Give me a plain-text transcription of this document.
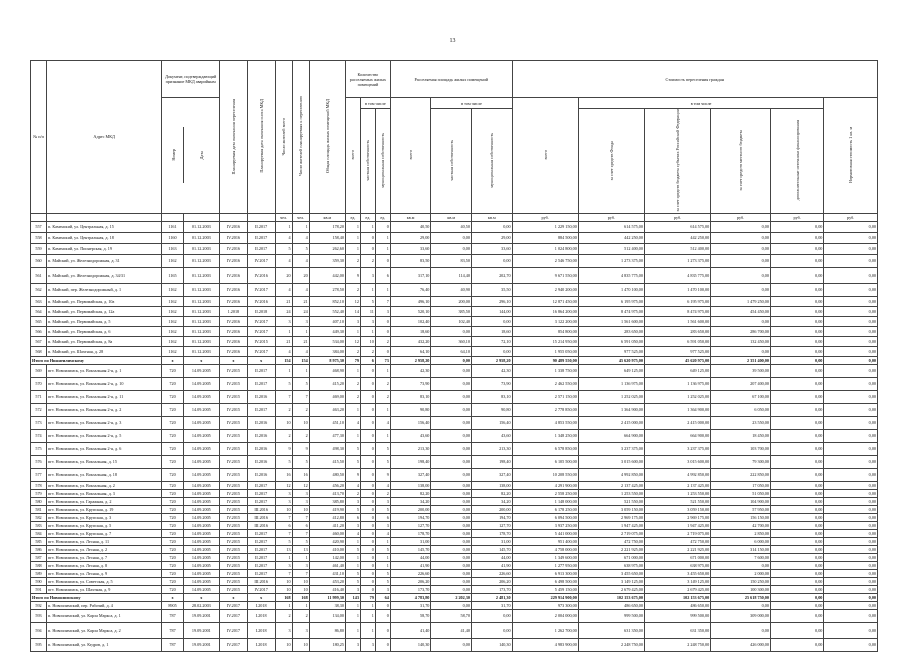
13
№ п/п	Адрес МКД	Документ, подтверждающий признание МКД аварийным		Планируемая дата окончания переселения	Планируемая дата окончания сноса МКД	Число жителей всего	Число жителей планируемых к переселению	Общая площадь жилых помещений МКД	Количество расселяемых жилых помещений			Расселяемая площадь жилых помещений			Стоимость переселения граждан					

		Номер Дата							всего	в том числе		всего	в том числе		всего	в том числе				Нормативная стоимость 1 кв. м
										частная собственность	муниципальная собственность		частная собственность	муниципальная собственность		за счет средств Фонда	за счет средств бюджета субъекта Российской Федерации	за счет средств местного бюджета	дополнительные источники финансирования	
						чел.	чел.	кв.м	ед.	ед.	ед.	кв.м	кв.м	кв.м	руб.	руб.	руб.	руб.	руб.	руб.
557	п. Каменский, ул. Центральная, д. 15	1161	01.12.2003	IV.2016	II.2017	1	1	178,20	1	1	0	40,50	40,50	0,00	1 229 150,00	614 575,00	614 575,00	0,00	0,00	0,00
558	п. Каменский, ул. Центральная, д. 18	1160	01.12.2003	IV.2016	II.2017	4	4	158,40	1	0	1	29,00	0,00	29,00	884 500,00	442 250,00	442 250,00	0,00	0,00	0,00
559	п. Каменский, ул. Пионерская, д. 19	1163	01.12.2003	IV.2016	II.2017	5	5	262,60	1	0	1	33,60	0,00	33,60	1 024 800,00	512 400,00	512 400,00	0,00	0,00	0,00
560	п. Майский, ул. Железнодорожная, д. 31	1162	01.12.2003	IV.2016	IV.2017	4	4	359,30	2	2	0	83,50	83,50	0,00	2 546 750,00	1 273 375,00	1 273 375,00	0,00	0,00	0,00
561	п. Майский, ул. Железнодорожная, д. 34/31	1165	01.12.2003	IV.2016	IV.2016	20	20	442,00	9	3	6	317,10	114,40	202,70	9 671 550,00	4 835 775,00	4 835 775,00	0,00	0,00	0,00
562	п. Майский, пер. Железнодорожный, д. 1	1162	01.12.2003	IV.2016	IV.2017	4	4	278,50	2	1	1	76,40	40,90	35,50	2 940 200,00	1 470 100,00	1 470 100,00	0,00	0,00	0,00
563	п. Майский, ул. Первомайская, д. 10а	1162	01.12.2003	IV.2016	IV.2016	21	21	852,10	12	5	7	496,10	200,00	296,10	12 871 450,00	6 195 975,00	6 195 975,00	1 479 250,00	0,00	0,00
564	п. Майский, ул. Первомайская, д. 12а	1162	01.12.2003	1.2018	II.2018	24	24	552,40	14	11	3	520,10	385,50	144,00	16 864 200,00	8 474 975,00	8 474 975,00	454 450,00	0,00	0,00
565	п. Майский, ул. Первомайская, д. 5	1162	01.12.2003	IV.2016	IV.2017	3	3	407,10	3	3	0	102,40	102,40	0,00	3 122 200,00	1 561 600,00	1 561 600,00	0,00	0,00	0,00
566	п. Майский, ул. Первомайская, д. 6	1162	01.12.2003	IV.2016	IV.2017	1	1	449,30	1	1	0	18,60	0,00	18,60	854 800,00	283 650,00	283 650,00	286 700,00	0,00	0,00
567	п. Майский, ул. Первомайская, д. 8а	1162	01.12.2003	IV.2016	IV.2015	21	21	534,00	12	10	2	432,20	360,10	72,10	15 214 950,00	6 591 050,00	6 591 050,00	132 450,00	0,00	0,00
568	п. Майский, ул. Шахтная, д. 28	1162	01.12.2003	IV.2016	IV.2017	4	4	384,00	2	2	0	64,10	64,10	0,00	1 955 050,00	977 525,00	977 525,00	0,00	0,00	0,00
Итого по Нижнеилимскому		x	x	x	x	154	154	8 975,30	79	6	73	2 958,20	0,00	2 958,20	90 489 550,00	45 620 975,00	45 620 975,00	2 351 400,00	0,00	0,00
569	пгт. Новоилимск, ул. Вокзальная 2-я, д. 1	720	14.09.2005	IV.2015	II.2017	1	1	468,90	1	0	1	42,30	0,00	42,30	1 338 750,00	649 125,00	649 125,00	39 500,00	0,00	0,00
570	пгт. Новоилимск, ул. Вокзальная 2-я, д. 10	720	14.09.2005	IV.2015	II.2017	5	5	415,20	2	0	2	73,90	0,00	73,90	2 462 550,00	1 136 975,00	1 136 975,00	207 400,00	0,00	0,00
571	пгт. Новоилимск, ул. Вокзальная 2-я, д. 11	720	14.09.2005	IV.2015	II.2016	7	7	469,00	2	0	2	83,10	0,00	83,10	2 571 150,00	1 252 025,00	1 252 025,00	67 100,00	0,00	0,00
572	пгт. Новоилимск, ул. Вокзальная 2-я, д. 2	720	14.09.2005	IV.2015	II.2017	2	2	463,20	1	0	1	90,80	0,00	90,80	2 778 850,00	1 364 900,00	1 364 900,00	6 050,00	0,00	0,00
573	пгт. Новоилимск, ул. Вокзальная 2-я, д. 3	720	14.09.2005	IV.2015	II.2016	10	10	451,10	4	0	4	156,40	0,00	156,40	4 853 550,00	2 415 000,00	2 415 000,00	23 550,00	0,00	0,00
574	пгт. Новоилимск, ул. Вокзальная 2-я, д. 5	720	14.09.2005	IV.2015	II.2016	2	2	477,30	1	0	1	43,60	0,00	43,60	1 348 250,00	664 900,00	664 900,00	18 450,00	0,00	0,00
575	пгт. Новоилимск, ул. Вокзальная 2-я, д. 6	720	14.09.2005	IV.2015	II.2016	9	9	498,30	5	0	5	213,30	0,00	213,30	6 578 850,00	3 237 375,00	3 237 375,00	103 700,00	0,00	0,00
576	пгт. Новоилимск, ул. Вокзальная, д. 15	720	14.09.2005	IV.2015	II.2016	5	5	415,50	5	0	5	198,40	0,00	198,40	6 105 500,00	3 015 600,00	3 015 600,00	79 300,00	0,00	0,00
577	пгт. Новоилимск, ул. Вокзальная, д. 18	720	14.09.2005	IV.2015	II.2016	16	16	480,50	9	0	9	327,40	0,00	327,40	10 208 550,00	4 992 850,00	4 992 850,00	222 850,00	0,00	0,00
578	пгт. Новоилимск, ул. Вокзальная, д. 2	720	14.09.2005	IV.2015	II.2017	12	12	456,20	4	0	4	138,00	0,00	138,00	4 291 900,00	2 137 425,00	2 137 425,00	17 050,00	0,00	0,00
579	пгт. Новоилимск, ул. Вокзальная, д. 3	720	14.09.2005	IV.2015	II.2017	3	3	413,70	2	0	2	82,20	0,00	82,20	2 558 250,00	1 253 550,00	1 253 550,00	51 050,00	0,00	0,00
580	пгт. Новоилимск, ул. Гаражная, д. 2	720	14.09.2005	IV.2015	II.2017	3	3	385,80	3	0	3	34,20	0,00	34,20	1 148 000,00	521 550,00	521 550,00	104 900,00	0,00	0,00
581	пгт. Новоилимск, ул. Крупская, д. 19	720	14.09.2005	IV.2015	III.2016	10	10	419,90	5	0	5	200,00	0,00	200,00	6 178 250,00	3 059 150,00	3 059 150,00	57 950,00	0,00	0,00
582	пгт. Новоилимск, ул. Крупская, д. 3	720	14.09.2005	IV.2015	III.2016	7	7	412,80	6	0	6	194,70	0,00	194,70	6 094 500,00	2 969 175,00	2 969 175,00	156 150,00	0,00	0,00
583	пгт. Новоилимск, ул. Крупская, д. 5	720	14.09.2005	IV.2015	III.2016	6	6	411,20	3	0	3	127,70	0,00	127,70	3 937 250,00	1 947 425,00	1 947 425,00	42 700,00	0,00	0,00
584	пгт. Новоилимск, ул. Крупская, д. 7	720	14.09.2005	IV.2015	II.2017	7	7	460,00	4	0	4	178,70	0,00	178,70	5 441 000,00	2 719 075,00	2 719 075,00	2 850,00	0,00	0,00
585	пгт. Новоилимск, ул. Лесная, д. 11	720	14.09.2005	IV.2015	II.2017	5	5	420,90	1	0	1	31,00	0,00	31,00	951 400,00	472 750,00	472 750,00	6 000,00	0,00	0,00
586	пгт. Новоилимск, ул. Лесная, д. 2	720	14.09.2005	IV.2015	II.2017	13	13	410,00	5	0	5	145,70	0,00	145,70	4 758 000,00	2 221 925,00	2 221 925,00	314 150,00	0,00	0,00
587	пгт. Новоилимск, ул. Лесная, д. 7	720	14.09.2005	IV.2015	II.2017	1	1	142,00	1	0	1	44,00	0,00	44,00	1 349 600,00	671 000,00	671 000,00	7 600,00	0,00	0,00
588	пгт. Новоилимск, ул. Лесная, д. 8	720	14.09.2005	IV.2015	II.2017	3	3	461,40	1	0	1	41,90	0,00	41,90	1 277 950,00	638 975,00	638 975,00	0,00	0,00	0,00
589	пгт. Новоилимск, ул. Лесная, д. 9	720	14.09.2005	IV.2015	II.2017	7	7	431,10	5	0	5	226,60	0,00	226,60	6 913 300,00	3 455 650,00	3 455 650,00	2 000,00	0,00	0,00
590	пгт. Новоилимск, ул. Советская, д. 5	720	14.09.2005	IV.2015	III.2016	10	10	453,20	5	0	5	206,20	0,00	206,20	6 498 500,00	3 149 125,00	3 149 125,00	150 250,00	0,00	0,00
591	пгт. Новоилимск, ул. Шахтная, д. 9	720	14.09.2005	IV.2015	IV.2017	10	10	416,40	3	0	3	173,70	0,00	173,70	5 459 150,00	2 679 425,00	2 679 425,00	100 300,00	0,00	0,00
Итого по Новоилимскому		x	x	x	x	168	168	11 999,30	143	79	64	4 783,80	2 202,30	2 481,30	229 914 900,00	102 153 675,00	102 153 675,00	25 618 750,00	0,00	0,00
592	п. Новоилимский, пер. Рабочий, д. 4	8905	28.02.2003	IV.2017	I.2018	1	1	38,30	1	1	0	31,70	0,00	31,70	973 300,00	486 650,00	486 650,00	0,00	0,00	0,00
593	п. Новоилимский, ул. Карла Маркса, д. 1	787	19.09.2001	IV.2017	I.2018	2	2	134,00	1	1	0	58,70	58,70	0,00	2 004 000,00	999 500,00	999 500,00	309 000,00	0,00	0,00
594	п. Новоилимский, ул. Карла Маркса, д. 2	787	19.09.2001	IV.2017	I.2018	3	3	86,80	1	1	0	41,40	41,40	0,00	1 262 700,00	631 350,00	631 350,00	0,00	0,00	0,00
595	п. Новоилимский, ул. Кедров, д. 1	787	19.09.2001	IV.2017	I.2018	10	10	180,25	3	3	0	140,30	0,00	140,30	4 983 900,00	2 248 750,00	2 248 750,00	426 000,00	0,00	0,00
